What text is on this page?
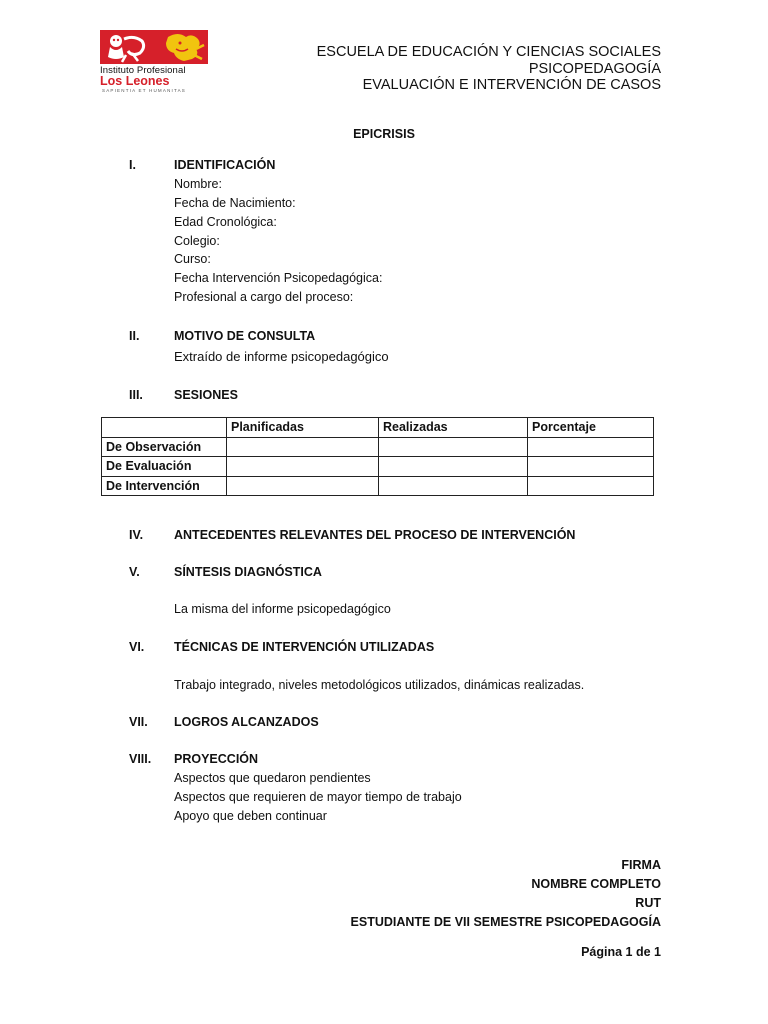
Instituto Profesional
Los Leones
SAPIENTIA ET HUMANITAS
ESCUELA DE EDUCACIÓN Y CIENCIAS SOCIALES
PSICOPEDAGOGÍA
EVALUACIÓN E INTERVENCIÓN DE CASOS
EPICRISIS
I.	IDENTIFICACIÓN
Nombre:
Fecha de Nacimiento:
Edad Cronológica:
Colegio:
Curso:
Fecha Intervención Psicopedagógica:
Profesional a cargo del proceso:
II.	MOTIVO DE CONSULTA
Extraído de informe psicopedagógico
III. SESIONES
	Planificadas	Realizadas	Porcentaje
De Observación			
De Evaluación			
De Intervención			
IV. ANTECEDENTES RELEVANTES DEL PROCESO DE INTERVENCIÓN
V.	SÍNTESIS DIAGNÓSTICA
La misma del informe psicopedagógico
VI. TÉCNICAS DE INTERVENCIÓN UTILIZADAS
Trabajo integrado, niveles metodológicos utilizados, dinámicas realizadas.
VII. LOGROS ALCANZADOS
VIII. PROYECCIÓN
Aspectos que quedaron pendientes
Aspectos que requieren de mayor tiempo de trabajo
Apoyo que deben continuar
FIRMA
NOMBRE COMPLETO
RUT
ESTUDIANTE DE VII SEMESTRE PSICOPEDAGOGÍA
Página 1 de 1
